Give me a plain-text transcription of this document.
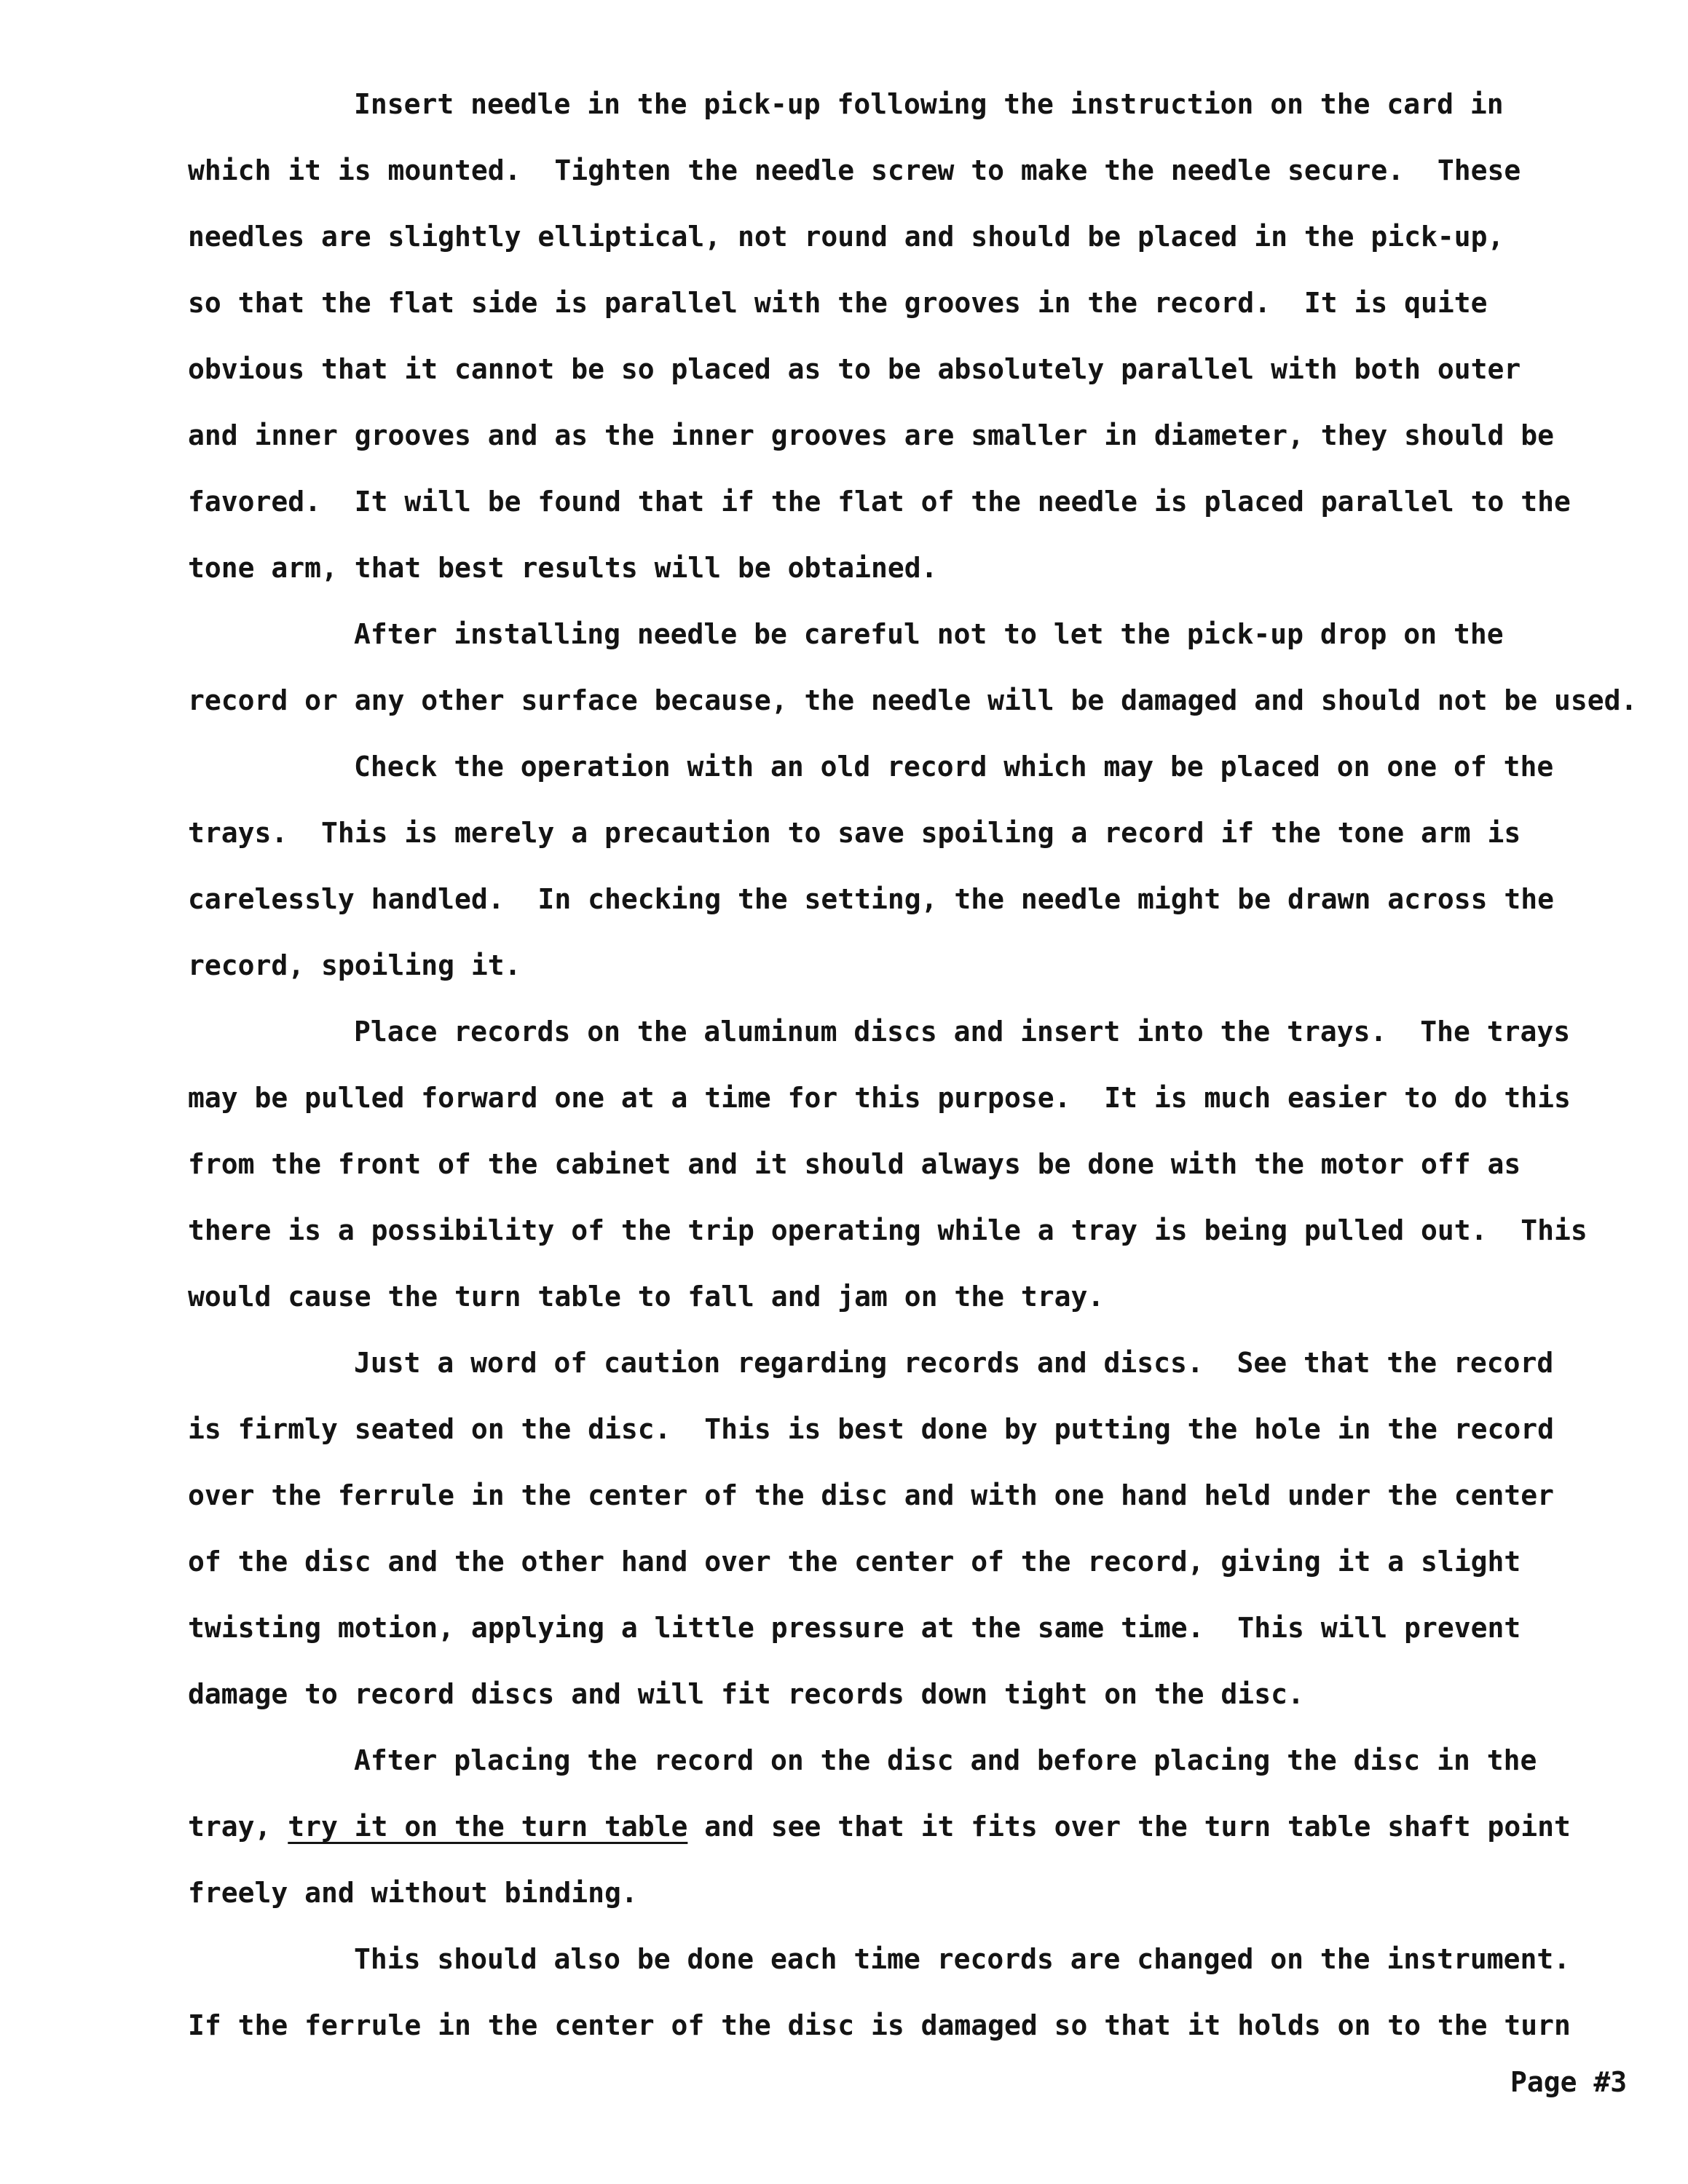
Insert needle in the pick-up following the instruction on the card in
which it is mounted.  Tighten the needle screw to make the needle secure.  These
needles are slightly elliptical, not round and should be placed in the pick-up,
so that the flat side is parallel with the grooves in the record.  It is quite
obvious that it cannot be so placed as to be absolutely parallel with both outer
and inner grooves and as the inner grooves are smaller in diameter, they should be
favored.  It will be found that if the flat of the needle is placed parallel to the
tone arm, that best results will be obtained.
After installing needle be careful not to let the pick-up drop on the
record or any other surface because, the needle will be damaged and should not be used.
Check the operation with an old record which may be placed on one of the
trays.  This is merely a precaution to save spoiling a record if the tone arm is
carelessly handled.  In checking the setting, the needle might be drawn across the
record, spoiling it.
Place records on the aluminum discs and insert into the trays.  The trays
may be pulled forward one at a time for this purpose.  It is much easier to do this
from the front of the cabinet and it should always be done with the motor off as
there is a possibility of the trip operating while a tray is being pulled out.  This
would cause the turn table to fall and jam on the tray.
Just a word of caution regarding records and discs.  See that the record
is firmly seated on the disc.  This is best done by putting the hole in the record
over the ferrule in the center of the disc and with one hand held under the center
of the disc and the other hand over the center of the record, giving it a slight
twisting motion, applying a little pressure at the same time.  This will prevent
damage to record discs and will fit records down tight on the disc.
After placing the record on the disc and before placing the disc in the
tray, try it on the turn table and see that it fits over the turn table shaft point
freely and without binding.
This should also be done each time records are changed on the instrument.
If the ferrule in the center of the disc is damaged so that it holds on to the turn
Page #3
